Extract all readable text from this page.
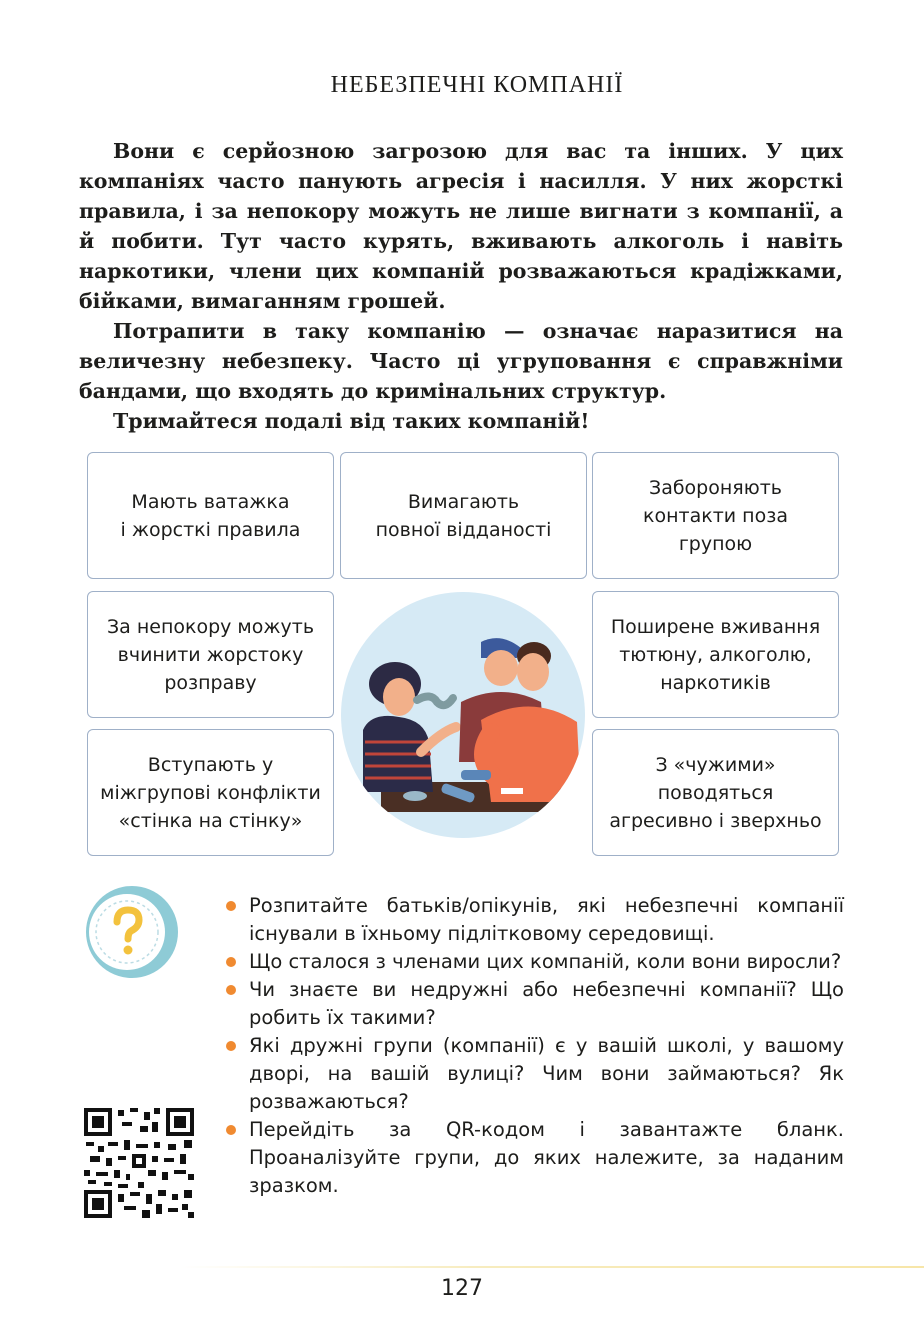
НЕБЕЗПЕЧНІ КОМПАНІЇ

Вони є серйозною загрозою для вас та інших. У цих компаніях часто панують агресія і насилля. У них жорсткі правила, і за непокору можуть не лише вигнати з компанії, а й побити. Тут часто курять, вживають алкоголь і навіть наркотики, члени цих компаній розважаються крадіжками, бійками, вимаганням грошей.

Потрапити в таку компанію — означає наразитися на величезну небезпеку. Часто ці угруповання є справжніми бандами, що входять до кримінальних структур.

Тримайтеся подалі від таких компаній!

Мають ватажка
і жорсткі правила
Вимагають
повної відданості
Забороняють
контакти поза
групою
За непокору можуть
вчинити жорстоку
розправу
Поширене вживання
тютюну, алкоголю,
наркотиків
Вступають у
міжгрупові конфлікти
«стінка на стінку»
З «чужими»
поводяться
агресивно і зверхньо
Розпитайте батьків/опікунів, які небезпечні компанії існували в їхньому підлітковому середовищі.
Що сталося з членами цих компаній, коли вони виросли?
Чи знаєте ви недружні або небезпечні компанії? Що робить їх такими?
Які дружні групи (компанії) є у вашій школі, у вашому дворі, на вашій вулиці? Чим вони займаються? Як розважаються?
Перейдіть за QR-кодом і завантажте бланк. Проаналізуйте групи, до яких належите, за наданим зразком.
127
